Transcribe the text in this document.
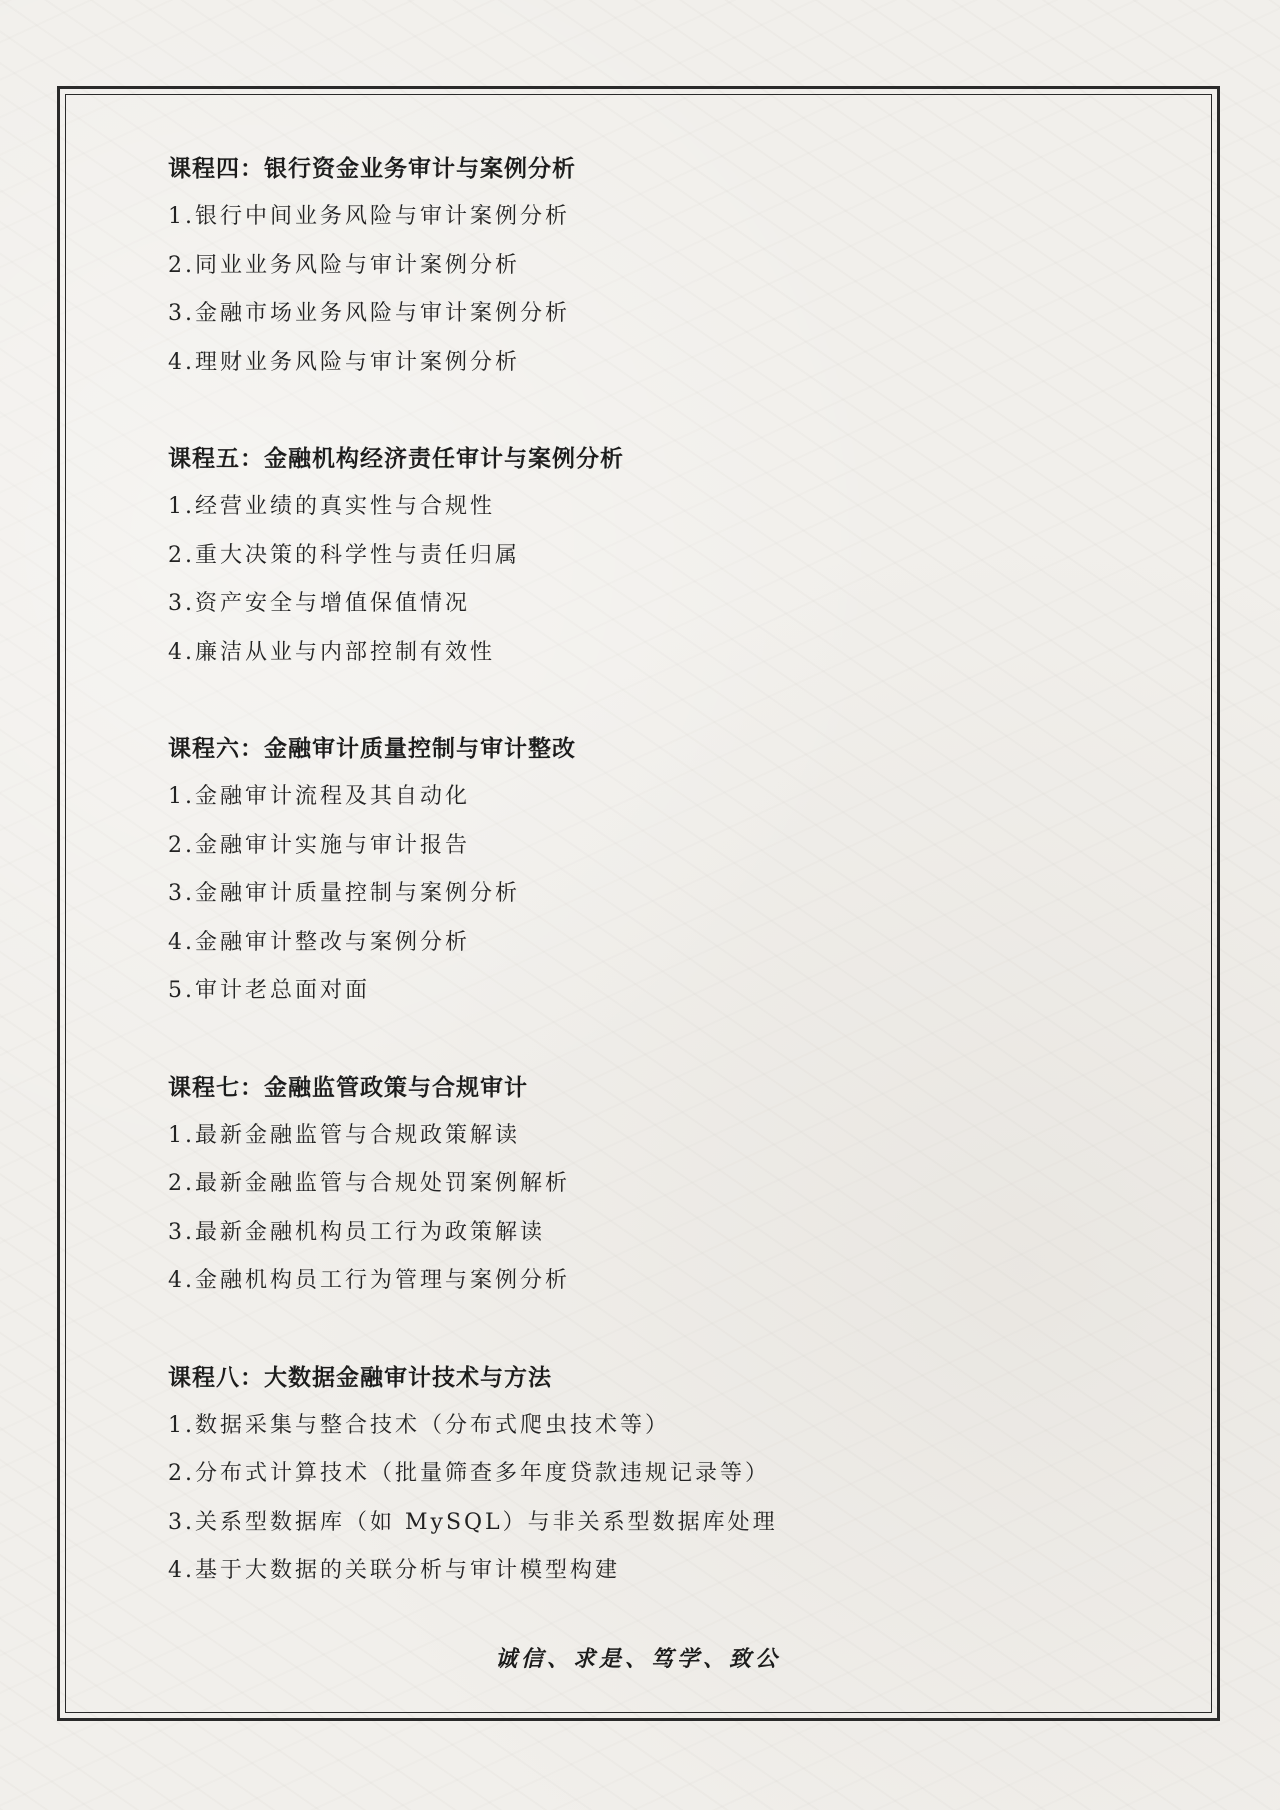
课程四：银行资金业务审计与案例分析
1.银行中间业务风险与审计案例分析
2.同业业务风险与审计案例分析
3.金融市场业务风险与审计案例分析
4.理财业务风险与审计案例分析
课程五：金融机构经济责任审计与案例分析
1.经营业绩的真实性与合规性
2.重大决策的科学性与责任归属
3.资产安全与增值保值情况
4.廉洁从业与内部控制有效性
课程六：金融审计质量控制与审计整改
1.金融审计流程及其自动化
2.金融审计实施与审计报告
3.金融审计质量控制与案例分析
4.金融审计整改与案例分析
5.审计老总面对面
课程七：金融监管政策与合规审计
1.最新金融监管与合规政策解读
2.最新金融监管与合规处罚案例解析
3.最新金融机构员工行为政策解读
4.金融机构员工行为管理与案例分析
课程八：大数据金融审计技术与方法
1.数据采集与整合技术（分布式爬虫技术等）
2.分布式计算技术（批量筛查多年度贷款违规记录等）
3.关系型数据库（如 MySQL）与非关系型数据库处理
4.基于大数据的关联分析与审计模型构建
诚信、求是、笃学、致公
